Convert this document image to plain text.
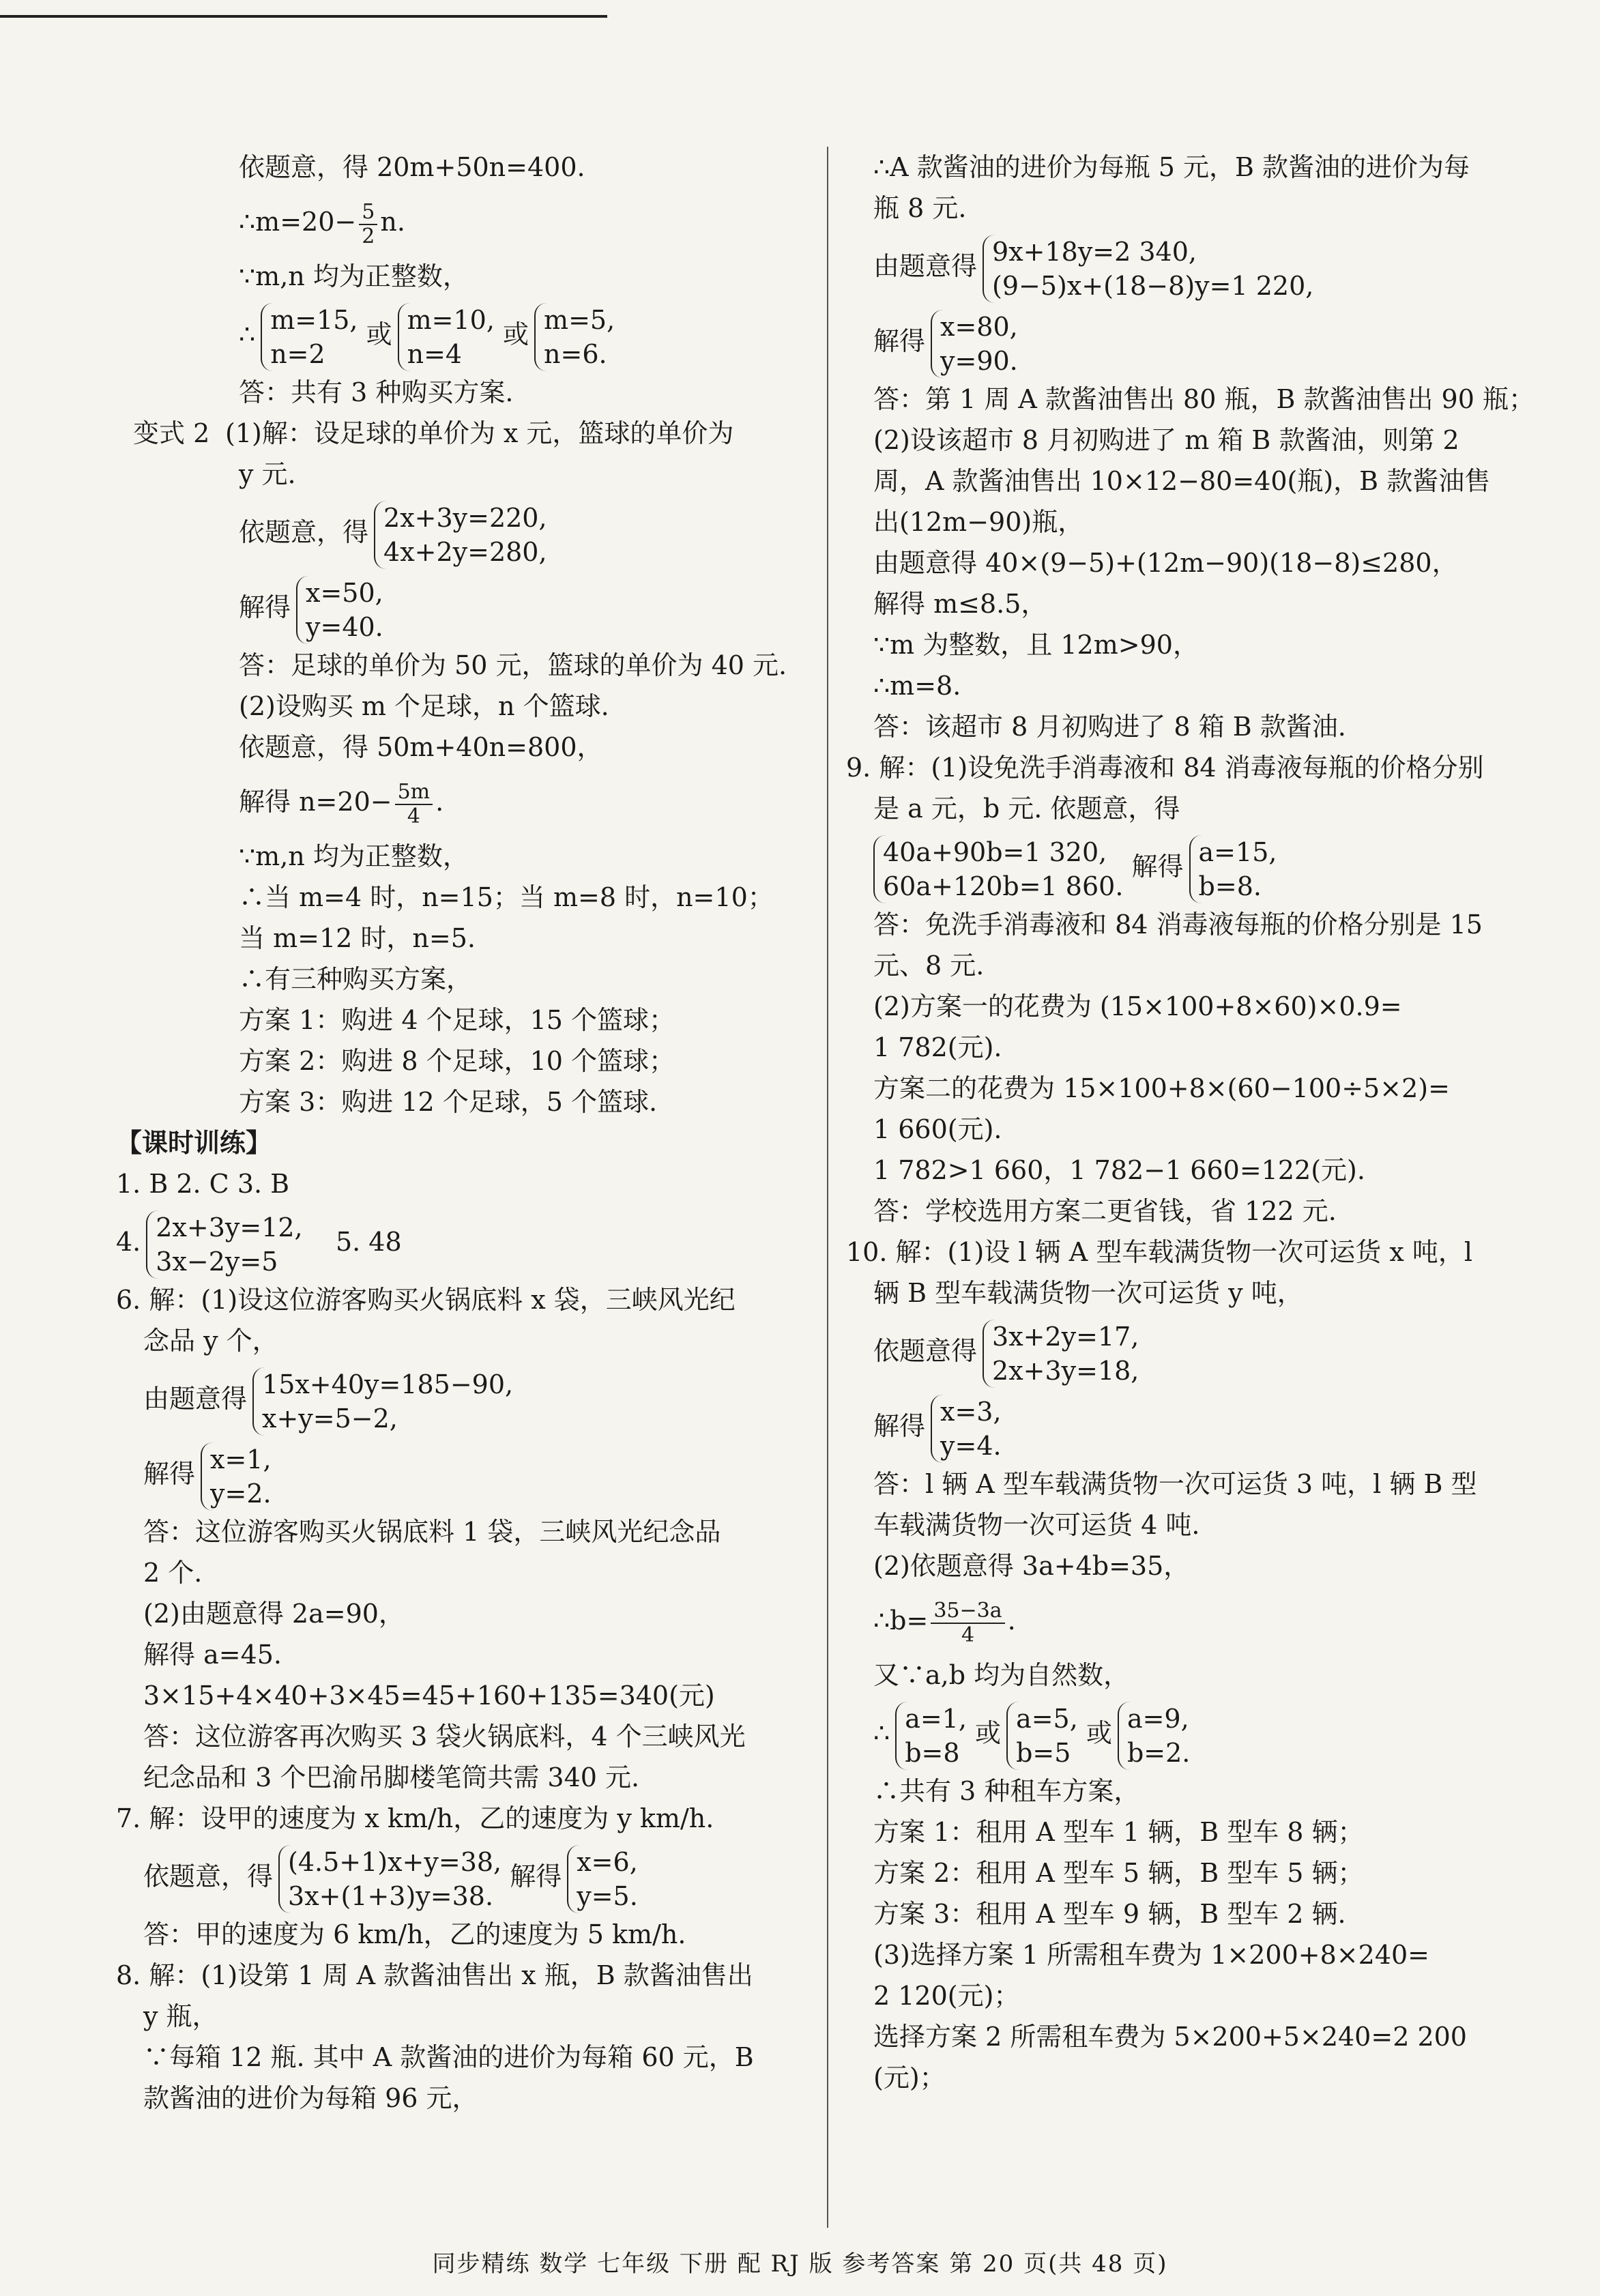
依题意，得 20m+50n=400.
∴m=20− $\frac{5}{2} n$.
∵m,n 均为正整数，
∴ m=15,
n=2
或 m=10,
n=4
或 m=5,
n=6.
答：共有 3 种购买方案.
变式 2 (1)解：设足球的单价为 x 元，篮球的单价为
y 元.
依题意，得 2x+3y=220,
4x+2y=280,
解得 x=50,
y=40.
答：足球的单价为 50 元，篮球的单价为 40 元.
(2)设购买 m 个足球，n 个篮球.
依题意，得 50m+40n=800，
解得 $n=20- \frac{5m}{4}$ .
∵m,n 均为正整数，
∴当 m=4 时，n=15；当 m=8 时，n=10；
当 m=12 时，n=5.
∴有三种购买方案，
方案 1：购进 4 个足球，15 个篮球；
方案 2：购进 8 个足球，10 个篮球；
方案 3：购进 12 个足球，5 个篮球.
【课时训练】
1. B 2. C 3. B
4. 2x+3y=12,
3x−2y=5
5. 48
6. 解：(1)设这位游客购买火锅底料 x 袋，三峡风光纪
念品 y 个，
由题意得 15x+40y=185−90,
x+y=5−2,
解得 x=1,
y=2.
答：这位游客购买火锅底料 1 袋，三峡风光纪念品
2 个.
(2)由题意得 2a=90，
解得 a=45.
3×15+4×40+3×45=45+160+135=340(元)
答：这位游客再次购买 3 袋火锅底料，4 个三峡风光
纪念品和 3 个巴渝吊脚楼笔筒共需 340 元.
7. 解：设甲的速度为 x km/h，乙的速度为 y km/h.
依题意，得 (4.5+1)x+y=38,
3x+(1+3)y=38.
解得 x=6,
y=5.
答：甲的速度为 6 km/h，乙的速度为 5 km/h.
8. 解：(1)设第 1 周 A 款酱油售出 x 瓶，B 款酱油售出
y 瓶，
∵每箱 12 瓶. 其中 A 款酱油的进价为每箱 60 元，B
款酱油的进价为每箱 96 元，
∴A 款酱油的进价为每瓶 5 元，B 款酱油的进价为每
瓶 8 元.
由题意得 9x+18y=2 340,
(9−5)x+(18−8)y=1 220,
解得 x=80,
y=90.
答：第 1 周 A 款酱油售出 80 瓶，B 款酱油售出 90 瓶；
(2)设该超市 8 月初购进了 m 箱 B 款酱油，则第 2
周，A 款酱油售出 10×12−80=40(瓶)，B 款酱油售
出(12m−90)瓶，
由题意得 40×(9−5)+(12m−90)(18−8)≤280，
解得 m≤8.5，
∵m 为整数，且 12m>90，
∴m=8.
答：该超市 8 月初购进了 8 箱 B 款酱油.
9. 解：(1)设免洗手消毒液和 84 消毒液每瓶的价格分别
是 a 元，b 元. 依题意，得
40a+90b=1 320,
60a+120b=1 860.
解得 a=15,
b=8.
答：免洗手消毒液和 84 消毒液每瓶的价格分别是 15
元、8 元.
(2)方案一的花费为 (15×100+8×60)×0.9=
1 782(元).
方案二的花费为 15×100+8×(60−100÷5×2)=
1 660(元).
1 782>1 660，1 782−1 660=122(元).
答：学校选用方案二更省钱，省 122 元.
10. 解：(1)设 l 辆 A 型车载满货物一次可运货 x 吨，l
辆 B 型车载满货物一次可运货 y 吨，
依题意得 3x+2y=17,
2x+3y=18,
解得 x=3,
y=4.
答：l 辆 A 型车载满货物一次可运货 3 吨，l 辆 B 型
车载满货物一次可运货 4 吨.
(2)依题意得 3a+4b=35，
∴b= $\frac{35-3a}{4}$ .
又∵a,b 均为自然数，
∴ a=1,
b=8
或 a=5,
b=5
或 a=9,
b=2.
∴共有 3 种租车方案，
方案 1：租用 A 型车 1 辆，B 型车 8 辆；
方案 2：租用 A 型车 5 辆，B 型车 5 辆；
方案 3：租用 A 型车 9 辆，B 型车 2 辆.
(3)选择方案 1 所需租车费为 1×200+8×240=
2 120(元)；
选择方案 2 所需租车费为 5×200+5×240=2 200
(元)；
同步精练 数学 七年级 下册 配 RJ 版 参考答案 第 20 页(共 48 页)
